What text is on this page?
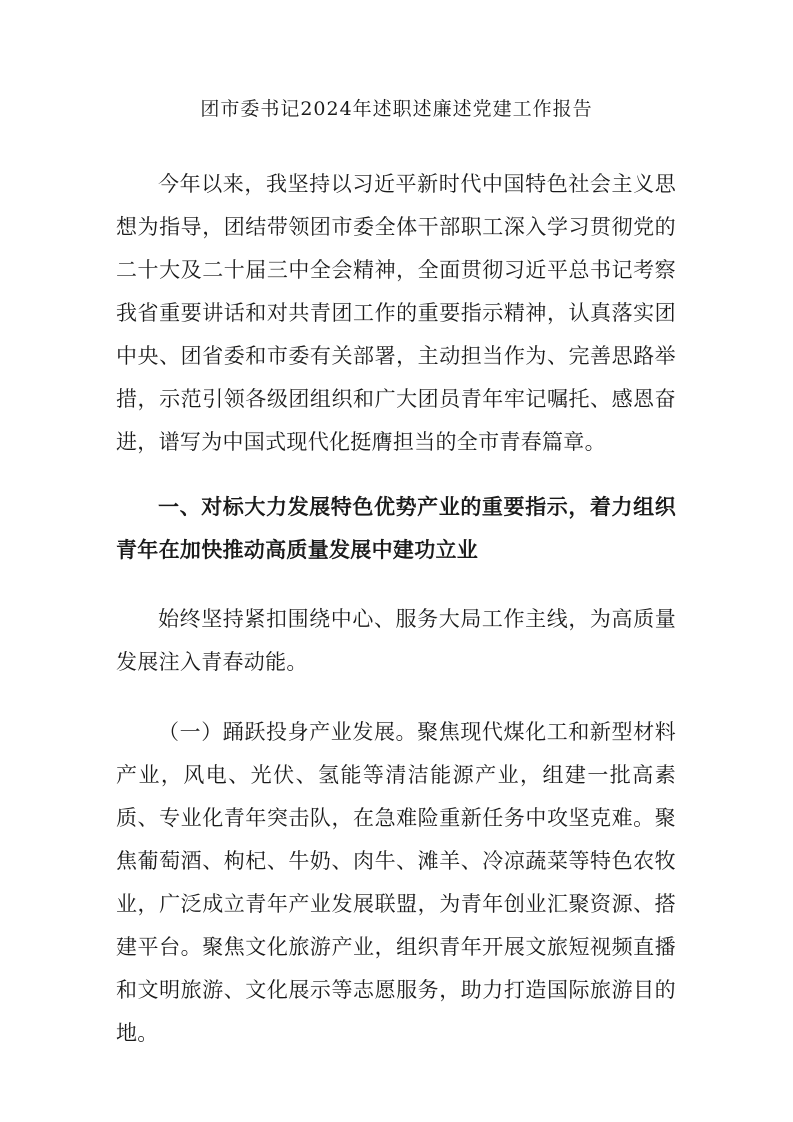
团市委书记2024年述职述廉述党建工作报告

今年以来，我坚持以习近平新时代中国特色社会主义思想为指导，团结带领团市委全体干部职工深入学习贯彻党的二十大及二十届三中全会精神，全面贯彻习近平总书记考察我省重要讲话和对共青团工作的重要指示精神，认真落实团中央、团省委和市委有关部署，主动担当作为、完善思路举措，示范引领各级团组织和广大团员青年牢记嘱托、感恩奋进，谱写为中国式现代化挺膺担当的全市青春篇章。

一、对标大力发展特色优势产业的重要指示，着力组织青年在加快推动高质量发展中建功立业

始终坚持紧扣围绕中心、服务大局工作主线，为高质量发展注入青春动能。

（一）踊跃投身产业发展。聚焦现代煤化工和新型材料产业，风电、光伏、氢能等清洁能源产业，组建一批高素质、专业化青年突击队，在急难险重新任务中攻坚克难。聚焦葡萄酒、枸杞、牛奶、肉牛、滩羊、冷凉蔬菜等特色农牧业，广泛成立青年产业发展联盟，为青年创业汇聚资源、搭建平台。聚焦文化旅游产业，组织青年开展文旅短视频直播和文明旅游、文化展示等志愿服务，助力打造国际旅游目的地。
